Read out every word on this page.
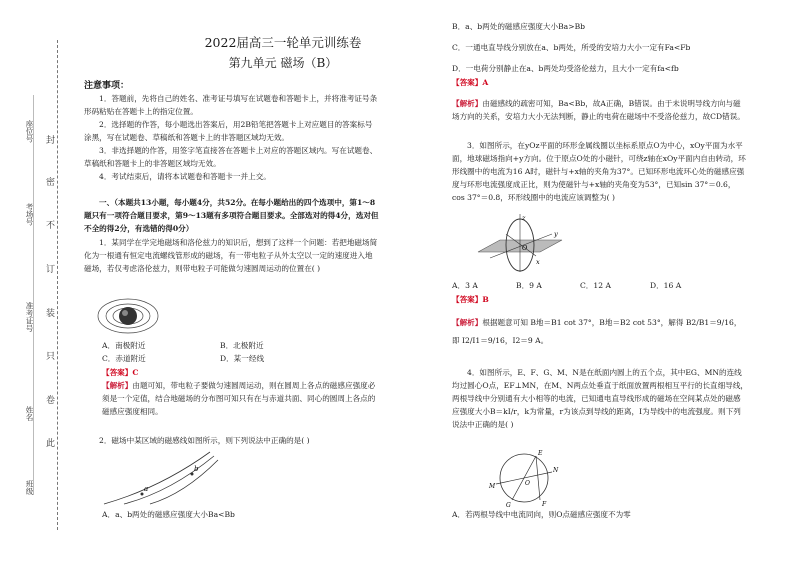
封
密
不
订
装
只
卷
此
座位号
考场号
准考证号
姓名
班级
2022届高三一轮单元训练卷
第九单元 磁场（B）
注意事项：
1．答题前，先将自己的姓名、准考证号填写在试题卷和答题卡上，并将准考证号条形码粘贴在答题卡上的指定位置。
2．选择题的作答，每小题选出答案后，用2B铅笔把答题卡上对应题目的答案标号涂黑，写在试题卷、草稿纸和答题卡上的非答题区域均无效。
3．非选择题的作答，用签字笔直接答在答题卡上对应的答题区域内。写在试题卷、草稿纸和答题卡上的非答题区域均无效。
4．考试结束后，请将本试题卷和答题卡一并上交。
一、（本题共13小题，每小题4分，共52分。在每小题给出的四个选项中，第1～8题只有一项符合题目要求，第9～13题有多项符合题目要求。全部选对的得4分，选对但不全的得2分，有选错的得0分）
1．某同学在学完地磁场和洛伦兹力的知识后，想到了这样一个问题：若把地磁场简化为一根通有恒定电流螺线管形成的磁场，有一带电粒子从外太空以一定的速度进入地磁场，若仅考虑洛伦兹力，则带电粒子可能做匀速圆周运动的位置在( )
A．南极附近	B．北极附近
C．赤道附近	D．某一经线
【答案】C
【解析】由题可知，带电粒子要做匀速圆周运动，则在圆周上各点的磁感应强度必须是一个定值，结合地磁场的分布图可知只有在与赤道共面、同心的圆周上各点的磁感应强度相同。
2．磁场中某区域的磁感线如图所示，则下列说法中正确的是( )
a
b
A．a、b两处的磁感应强度大小Ba<Bb
B．a、b两处的磁感应强度大小Ba>Bb
C．一通电直导线分别放在a、b两处，所受的安培力大小一定有Fa<Fb
D．一电荷分别静止在a、b两处均受洛伦兹力，且大小一定有fa<fb
【答案】A
【解析】由磁感线的疏密可知，Ba<Bb，故A正确，B错误。由于未说明导线方向与磁场方向的关系，安培力大小无法判断，静止的电荷在磁场中不受洛伦兹力，故CD错误。
3．如图所示，在yOz平面的环形金属线圈以坐标系原点O为中心，xOy平面为水平面，地球磁场指向+y方向。位于原点O处的小磁针，可绕z轴在xOy平面内自由转动，环形线圈中的电流为16 A时，磁针与+x轴的夹角为37°。已知环形电流环心处的磁感应强度与环形电流强度成正比，则为使磁针与+x轴的夹角变为53°，已知sin 37°＝0.6，cos 37°＝0.8，环形线圈中的电流应该调整为( )
z
y
x
O
A．3 A	B．9 A	C．12 A	D．16 A
【答案】B
【解析】根据题意可知 B地＝B1 cot 37°，B地＝B2 cot 53°，解得 B2/B1＝9/16，即 I2/I1＝9/16，I2＝9 A。
4．如图所示，E、F、G、M、N是在纸面内圆上的五个点，其中EG、MN的连线均过圆心O点，EF⊥MN，在M、N两点处垂直于纸面放置两根相互平行的长直细导线，两根导线中分别通有大小相等的电流，已知通电直导线形成的磁场在空间某点处的磁感应强度大小B＝kI/r，k为常量，r为该点到导线的距离，I为导线中的电流强度。则下列说法中正确的是( )
E
F
G
M
N
O
A．若两根导线中电流同向，则O点磁感应强度不为零
